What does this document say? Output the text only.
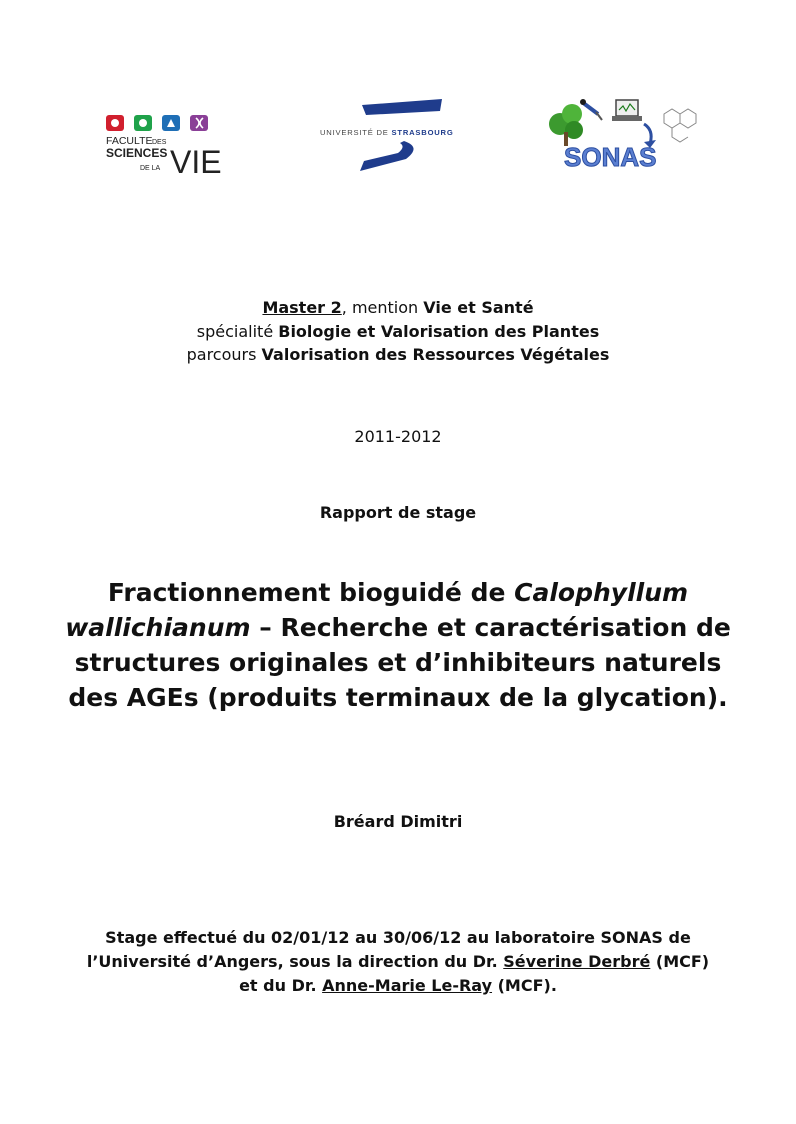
FACULTE DES
SCIENCES
DE LA VIE
UNIVERSITÉ DE STRASBOURG
SONAS
Master 2, mention Vie et Santé
spécialité Biologie et Valorisation des Plantes
parcours Valorisation des Ressources Végétales
2011-2012
Rapport de stage
Fractionnement bioguidé de Calophyllum
wallichianum – Recherche et caractérisation de
structures originales et d’inhibiteurs naturels
des AGEs (produits terminaux de la glycation).
Bréard Dimitri
Stage effectué du 02/01/12 au 30/06/12 au laboratoire SONAS de
l’Université d’Angers, sous la direction du Dr. Séverine Derbré (MCF)
et du Dr. Anne-Marie Le-Ray (MCF).
